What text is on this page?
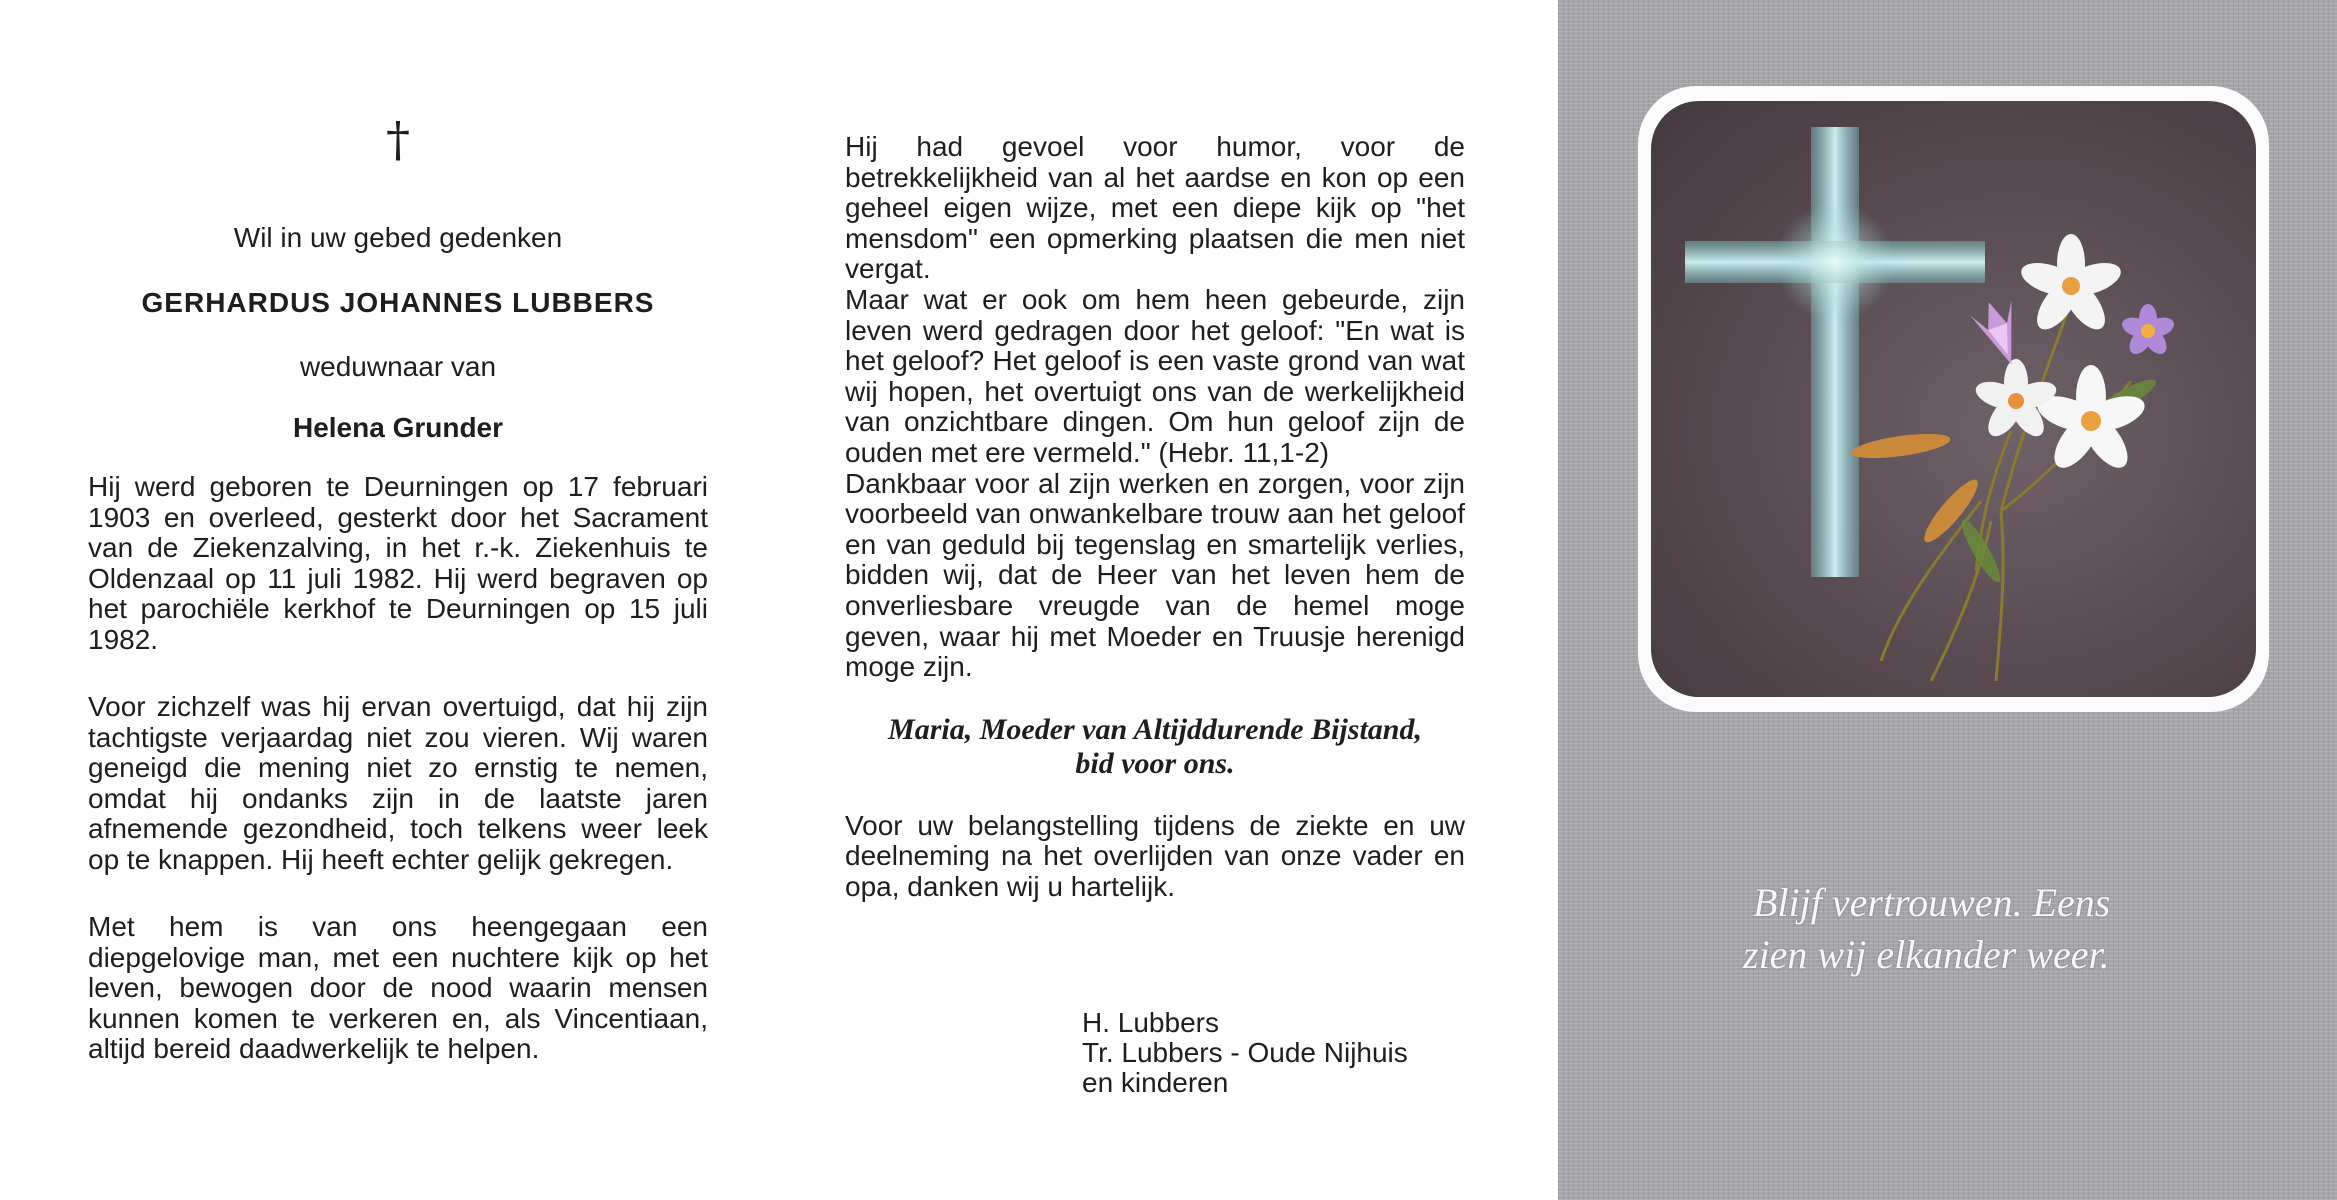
†
Wil in uw gebed gedenken
GERHARDUS JOHANNES LUBBERS
weduwnaar van
Helena Grunder
Hij werd geboren te Deurningen op 17 februari 1903 en overleed, gesterkt door het Sacrament van de Ziekenzalving, in het r.-k. Ziekenhuis te Oldenzaal op 11 juli 1982. Hij werd begraven op het parochiële kerkhof te Deurningen op 15 juli 1982.
Voor zichzelf was hij ervan overtuigd, dat hij zijn tachtigste verjaardag niet zou vieren. Wij waren geneigd die mening niet zo ernstig te nemen, omdat hij ondanks zijn in de laatste jaren afnemende gezondheid, toch telkens weer leek op te knappen. Hij heeft echter gelijk gekregen.
Met hem is van ons heengegaan een diepgelovige man, met een nuchtere kijk op het leven, bewogen door de nood waarin mensen kunnen komen te verkeren en, als Vincentiaan, altijd bereid daadwerkelijk te helpen.

Hij had gevoel voor humor, voor de betrekkelijkheid van al het aardse en kon op een geheel eigen wijze, met een diepe kijk op "het mensdom" een opmerking plaatsen die men niet vergat.

Maar wat er ook om hem heen gebeurde, zijn leven werd gedragen door het geloof: "En wat is het geloof? Het geloof is een vaste grond van wat wij hopen, het overtuigt ons van de werkelijkheid van onzichtbare dingen. Om hun geloof zijn de ouden met ere vermeld." (Hebr. 11,1-2)

Dankbaar voor al zijn werken en zorgen, voor zijn voorbeeld van onwankelbare trouw aan het geloof en van geduld bij tegenslag en smartelijk verlies, bidden wij, dat de Heer van het leven hem de onverliesbare vreugde van de hemel moge geven, waar hij met Moeder en Truusje herenigd moge zijn.

Maria, Moeder van Altijddurende Bijstand,
bid voor ons.

Voor uw belangstelling tijdens de ziekte en uw deelneming na het overlijden van onze vader en opa, danken wij u hartelijk.

H. Lubbers
Tr. Lubbers - Oude Nijhuis
en kinderen
Blijf vertrouwen. Eens
zien wij elkander weer.
